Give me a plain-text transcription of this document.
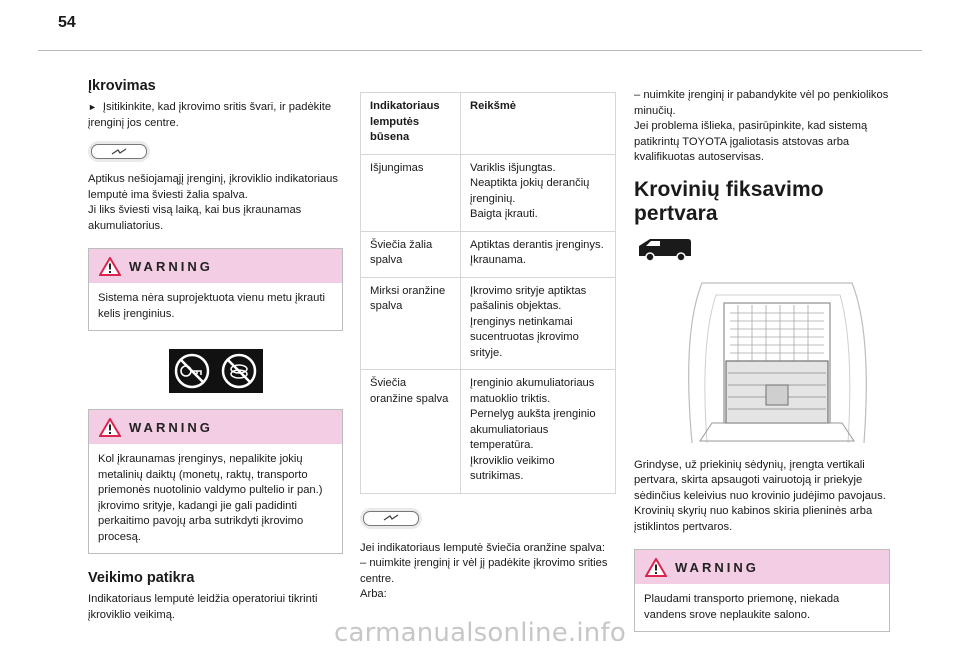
54
Įkrovimas

► Įsitikinkite, kad įkrovimo sritis švari, ir padėkite įrenginį jos centre.

Aptikus nešiojamąjį įrenginį, įkroviklio indikatoriaus lemputė ima šviesti žalia spalva.

Ji liks šviesti visą laiką, kai bus įkraunamas akumuliatorius.

WARNING
Sistema nėra suprojektuota vienu metu įkrauti kelis įrenginius.
WARNING
Kol įkraunamas įrenginys, nepalikite jokių metalinių daiktų (monetų, raktų, transporto priemonės nuotolinio valdymo pultelio ir pan.) įkrovimo srityje, kadangi jie gali padidinti perkaitimo pavojų arba sutrikdyti įkrovimo procesą.
Veikimo patikra

Indikatoriaus lemputė leidžia operatoriui tikrinti įkroviklio veikimą.

Indikatoriaus lemputės būsena	Reikšmė
Išjungimas	Variklis išjungtas.
Neaptikta jokių derančių įrenginių.
Baigta įkrauti.
Šviečia žalia spalva	Aptiktas derantis įrenginys.
Įkraunama.
Mirksi oranžine spalva	Įkrovimo srityje aptiktas pašalinis objektas.
Įrenginys netinkamai sucentruotas įkrovimo srityje.
Šviečia oranžine spalva	Įrenginio akumuliatoriaus matuoklio triktis.
Pernelyg aukšta įrenginio akumuliatoriaus temperatūra.
Įkroviklio veikimo sutrikimas.

Jei indikatoriaus lemputė šviečia oranžine spalva:

– nuimkite įrenginį ir vėl jį padėkite įkrovimo srities centre.

Arba:

– nuimkite įrenginį ir pabandykite vėl po penkiolikos minučių.

Jei problema išlieka, pasirūpinkite, kad sistemą patikrintų TOYOTA įgaliotasis atstovas arba kvalifikuotas autoservisas.

Krovinių fiksavimo pertvara

Grindyse, už priekinių sėdynių, įrengta vertikali pertvara, skirta apsaugoti vairuotoją ir priekyje sėdinčius keleivius nuo krovinio judėjimo pavojaus.

Krovinių skyrių nuo kabinos skiria plieninės arba įstiklintos pertvaros.

WARNING
Plaudami transporto priemonę, niekada vandens srove neplaukite salono.
carmanualsonline.info
